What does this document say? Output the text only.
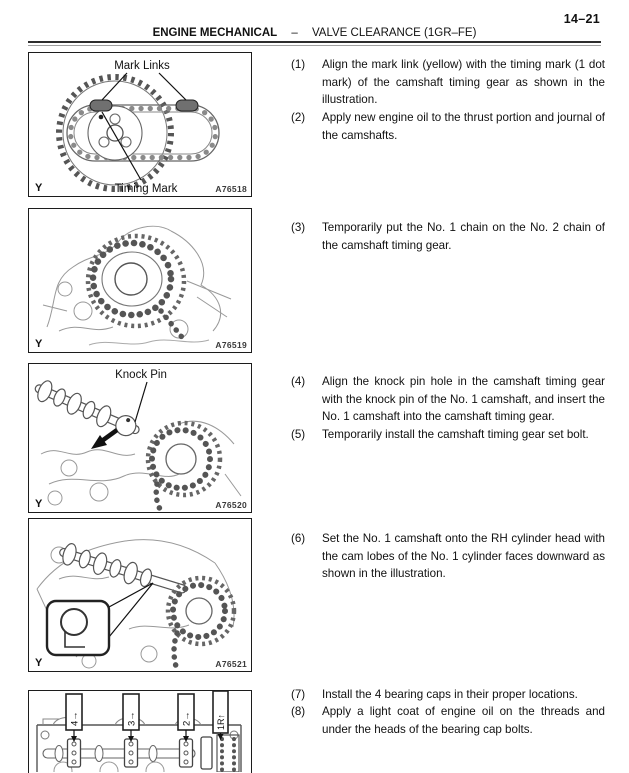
14–21
ENGINE MECHANICAL – VALVE CLEARANCE (1GR–FE)
Mark Links
Timing Mark
Y	A76518
Y	A76519
Knock Pin
Y	A76520
Y	A76521
4→	3→	2→	1R↑
(1)	Align the mark link (yellow) with the timing mark (1 dot mark) of the camshaft timing gear as shown in the illustration.
(2)	Apply new engine oil to the thrust portion and journal of the camshafts.
(3)	Temporarily put the No. 1 chain on the No. 2 chain of the camshaft timing gear.
(4)	Align the knock pin hole in the camshaft timing gear with the knock pin of the No. 1 camshaft, and insert the No. 1 camshaft into the camshaft timing gear.
(5)	Temporarily install the camshaft timing gear set bolt.
(6)	Set the No. 1 camshaft onto the RH cylinder head with the cam lobes of the No. 1 cylinder faces downward as shown in the illustration.
(7)	Install the 4 bearing caps in their proper locations.
(8)	Apply a light coat of engine oil on the threads and under the heads of the bearing cap bolts.
